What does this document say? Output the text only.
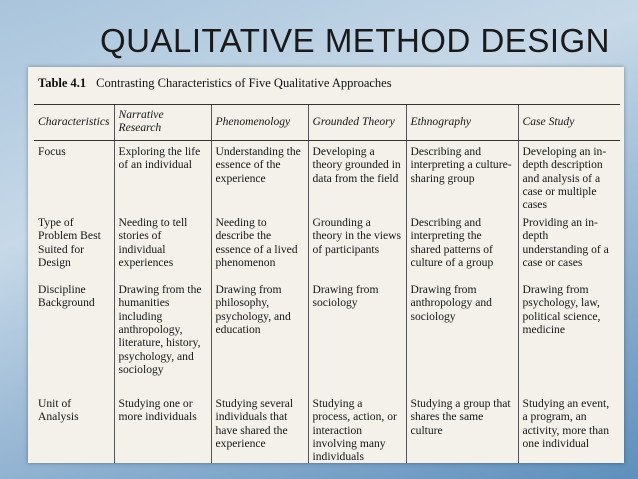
QUALITATIVE METHOD DESIGN
Table 4.1 Contrasting Characteristics of Five Qualitative Approaches
Characteristics	Narrative Research	Phenomenology	Grounded Theory	Ethnography	Case Study
Focus	Exploring the life of an individual	Understanding the essence of the experience	Developing a theory grounded in data from the field	Describing and interpreting a culture-sharing group	Developing an in-depth description and analysis of a case or multiple cases
Type of Problem Best Suited for Design	Needing to tell stories of individual experiences	Needing to describe the essence of a lived phenomenon	Grounding a theory in the views of participants	Describing and interpreting the shared patterns of culture of a group	Providing an in-depth understanding of a case or cases
Discipline Background	Drawing from the humanities including anthropology, literature, history, psychology, and sociology	Drawing from philosophy, psychology, and education	Drawing from sociology	Drawing from anthropology and sociology	Drawing from psychology, law, political science, medicine
Unit of Analysis	Studying one or more individuals	Studying several individuals that have shared the experience	Studying a process, action, or interaction involving many individuals	Studying a group that shares the same culture	Studying an event, a program, an activity, more than one individual
